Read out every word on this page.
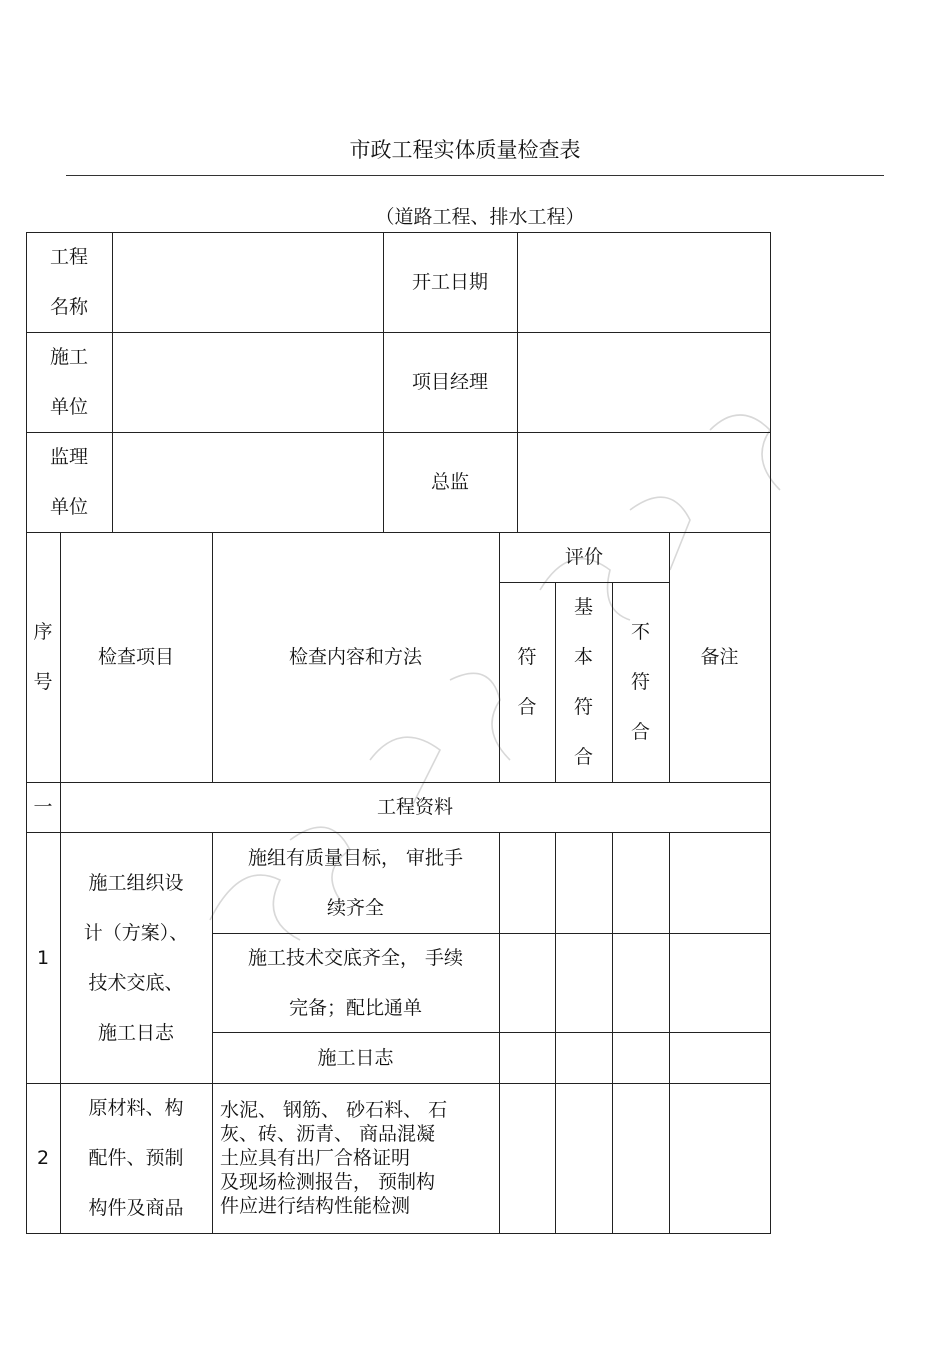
市政工程实体质量检查表
（道路工程、排水工程）
工程
名称
开工日期
施工
单位
项目经理
监理
单位
总监
序
号
检查项目	检查内容和方法
评价
符
合
基
本
符
合
不
符
合
备注
一	工程资料
1
施工组织设
计（方案）、
技术交底、
施工日志
施组有质量目标， 审批手
续齐全
施工技术交底齐全， 手续
完备；配比通单
施工日志
2
原材料、构
配件、预制
构件及商品
水泥、 钢筋、 砂石料、 石
灰、砖、沥青、 商品混凝
土应具有出厂合格证明
及现场检测报告， 预制构
件应进行结构性能检测
